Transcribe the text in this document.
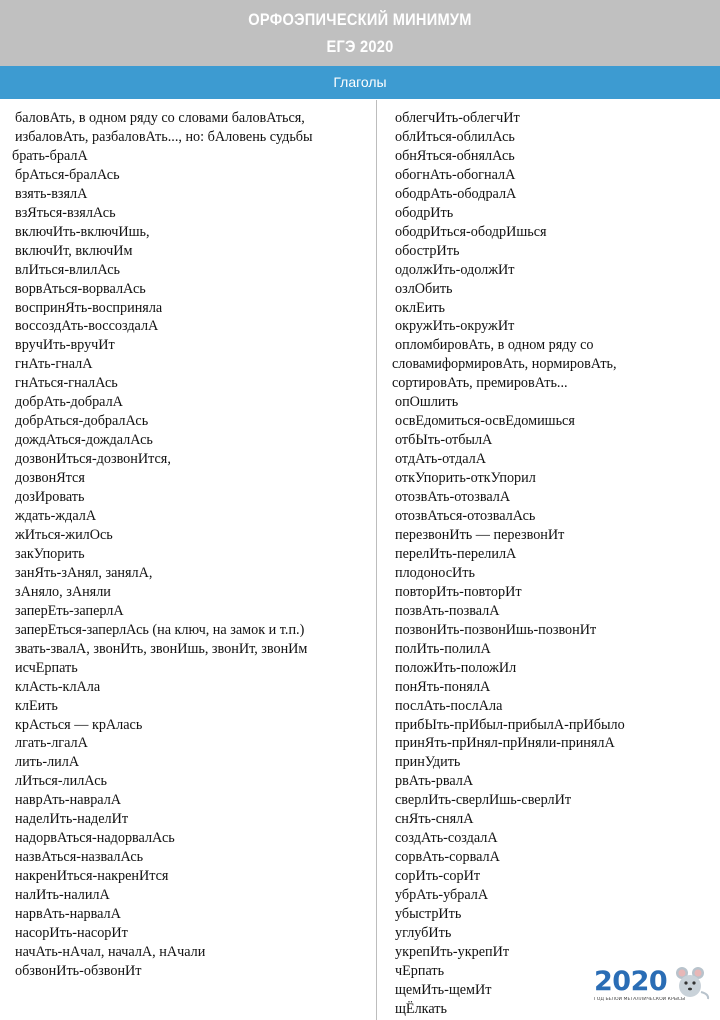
ОРФОЭПИЧЕСКИЙ МИНИМУМ
ЕГЭ 2020
Глаголы
баловАть, в одном ряду со словами баловАться,
избаловАть, разбаловАть..., но: бАловень судьбы
брать-бралА
брАться-бралАсь
взять-взялА
взЯться-взялАсь
включИть-включИшь,
включИт, включИм
влИться-влилАсь
ворвАться-ворвалАсь
воспринЯть-восприняла
воссоздАть-воссоздалА
вручИть-вручИт
гнАть-гналА
гнАться-гналАсь
добрАть-добралА
добрАться-добралАсь
дождАться-дождалАсь
дозвонИться-дозвонИтся,
дозвонЯтся
дозИровать
ждать-ждалА
жИться-жилОсь
закУпорить
занЯть-зАнял, занялА,
зАняло, зАняли
заперЕть-заперлА
заперЕться-заперлАсь (на ключ, на замок и т.п.)
звать-звалА, звонИть, звонИшь, звонИт, звонИм
исчЕрпать
клАсть-клАла
клЕить
крАсться — крАлась
лгать-лгалА
лить-лилА
лИться-лилАсь
наврАть-навралА
наделИть-наделИт
надорвАться-надорвалАсь
назвАться-назвалАсь
накренИться-накренИтся
налИть-налилА
нарвАть-нарвалА
насорИть-насорИт
начАть-нАчал, началА, нАчали
обзвонИть-обзвонИт
облегчИть-облегчИт
облИться-облилАсь
обнЯться-обнялАсь
обогнАть-обогналА
ободрАть-ободралА
ободрИть
ободрИться-ободрИшься
обострИть
одолжИть-одолжИт
озлОбить
оклЕить
окружИть-окружИт
опломбировАть, в одном ряду со
словамиформировАть, нормировАть,
сортировАть, премировАть...
опОшлить
освЕдомиться-освЕдомишься
отбЫть-отбылА
отдАть-отдалА
откУпорить-откУпорил
отозвАть-отозвалА
отозвАться-отозвалАсь
перезвонИть — перезвонИт
перелИть-перелилА
плодоносИть
повторИть-повторИт
позвАть-позвалА
позвонИть-позвонИшь-позвонИт
полИть-полилА
положИть-положИл
понЯть-понялА
послАть-послАла
прибЫть-прИбыл-прибылА-прИбыло
принЯть-прИнял-прИняли-принялА
принУдить
рвАть-рвалА
сверлИть-сверлИшь-сверлИт
снЯть-снялА
создАть-создалА
сорвАть-сорвалА
сорИть-сорИт
убрАть-убралА
убыстрИть
углубИть
укрепИть-укрепИт
чЕрпать
щемИть-щемИт
щЁлкать
2020
ГОД БЕЛОЙ МЕТАЛЛИЧЕСКОЙ КРЫСЫ
